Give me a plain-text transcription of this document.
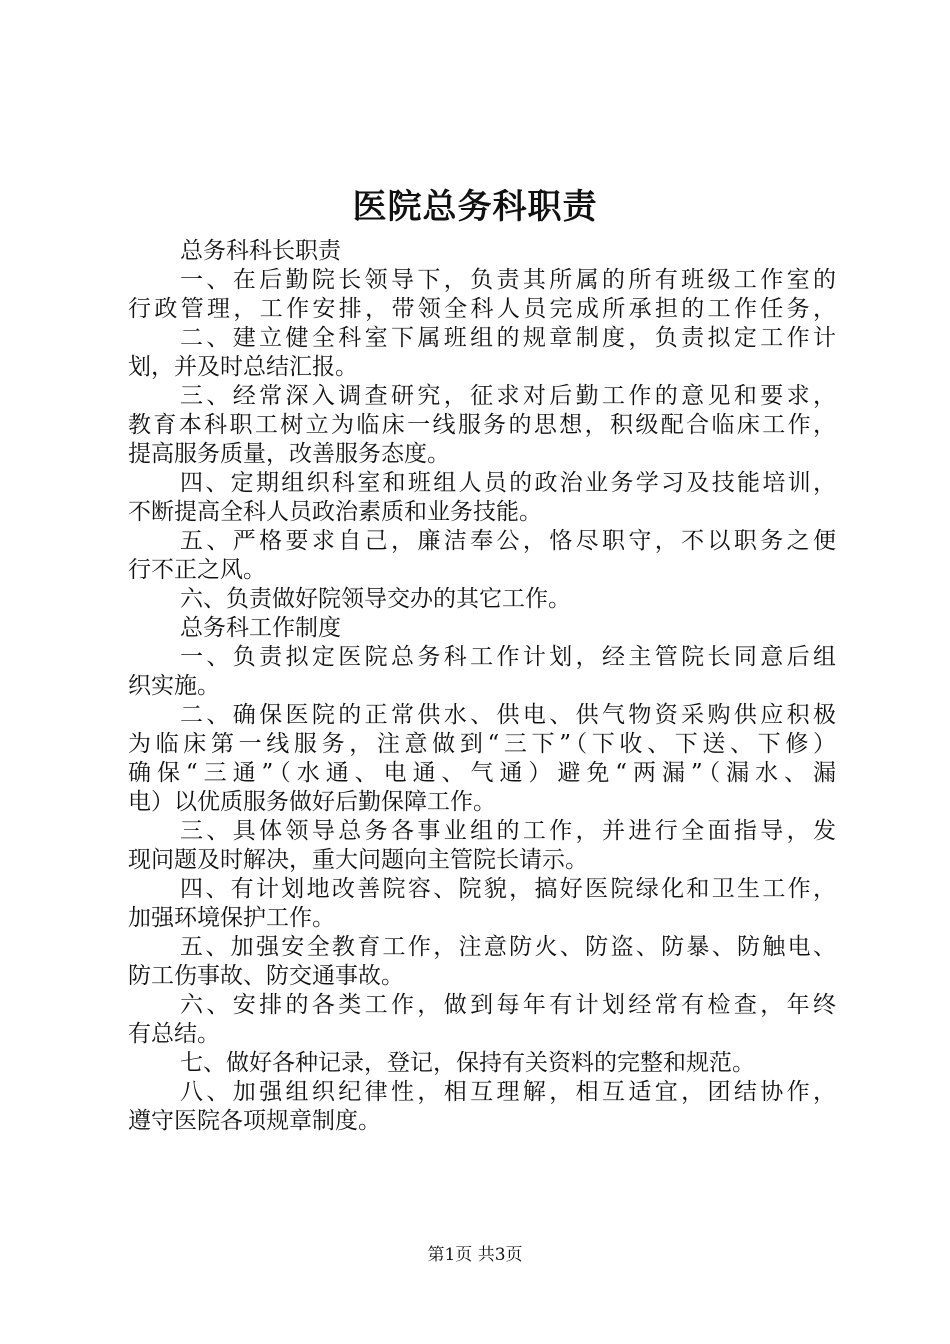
医院总务科职责
总务科科长职责
一、在后勤院长领导下，负责其所属的所有班级工作室的
行政管理，工作安排，带领全科人员完成所承担的工作任务，
二、建立健全科室下属班组的规章制度，负责拟定工作计
划，并及时总结汇报。
三、经常深入调查研究，征求对后勤工作的意见和要求，
教育本科职工树立为临床一线服务的思想，积级配合临床工作，
提高服务质量，改善服务态度。
四、定期组织科室和班组人员的政治业务学习及技能培训，
不断提高全科人员政治素质和业务技能。
五、严格要求自己，廉洁奉公，恪尽职守，不以职务之便
行不正之风。
六、负责做好院领导交办的其它工作。
总务科工作制度
一、负责拟定医院总务科工作计划，经主管院长同意后组
织实施。
二、确保医院的正常供水、供电、供气物资采购供应积极
为临床第一线服务，注意做到“三下”（下收、下送、下修）
确保“三通”（水通、电通、气通）避免“两漏”（漏水、漏
电）以优质服务做好后勤保障工作。
三、具体领导总务各事业组的工作，并进行全面指导，发
现问题及时解决，重大问题向主管院长请示。
四、有计划地改善院容、院貌，搞好医院绿化和卫生工作，
加强环境保护工作。
五、加强安全教育工作，注意防火、防盗、防暴、防触电、
防工伤事故、防交通事故。
六、安排的各类工作，做到每年有计划经常有检查，年终
有总结。
七、做好各种记录，登记，保持有关资料的完整和规范。
八、加强组织纪律性，相互理解，相互适宜，团结协作，
遵守医院各项规章制度。
第1页 共3页
